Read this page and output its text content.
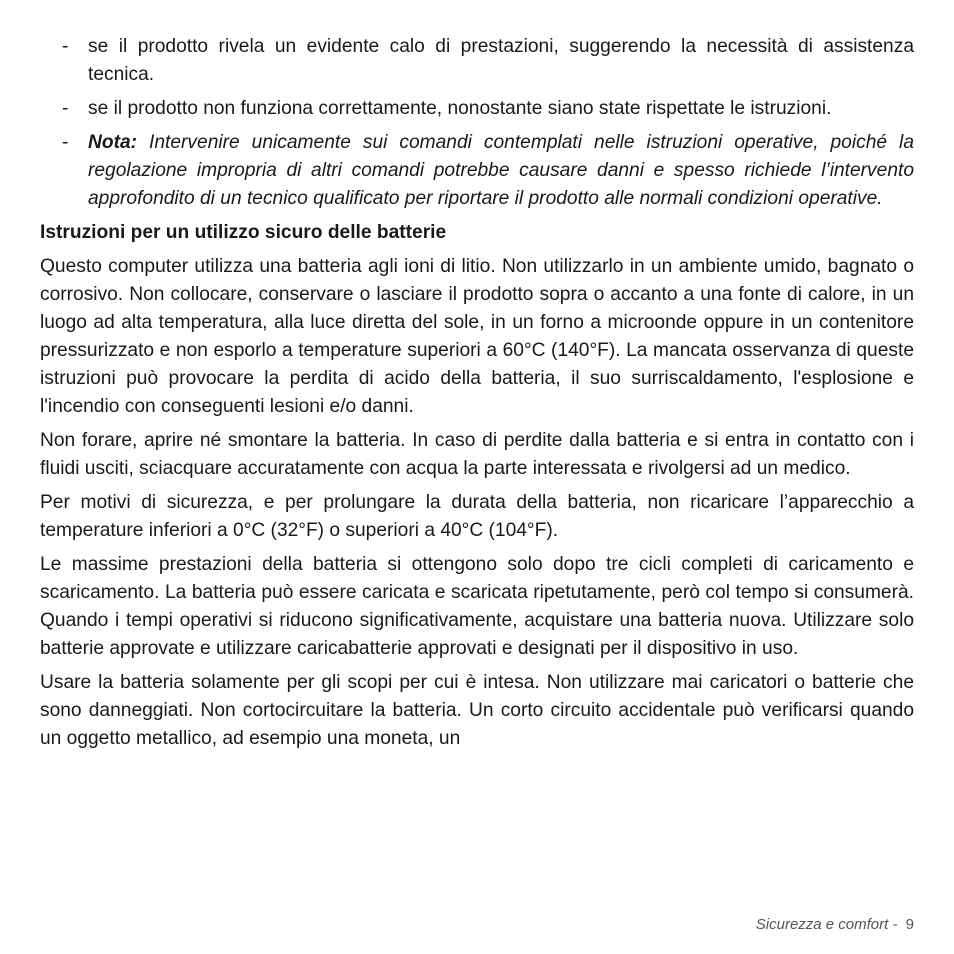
- se il prodotto rivela un evidente calo di prestazioni, suggerendo la necessità di assistenza tecnica.
- se il prodotto non funziona correttamente, nonostante siano state rispettate le istruzioni.
- Nota: Intervenire unicamente sui comandi contemplati nelle istruzioni operative, poiché la regolazione impropria di altri comandi potrebbe causare danni e spesso richiede l’intervento approfondito di un tecnico qualificato per riportare il prodotto alle normali condizioni operative.
Istruzioni per un utilizzo sicuro delle batterie

Questo computer utilizza una batteria agli ioni di litio. Non utilizzarlo in un ambiente umido, bagnato o corrosivo. Non collocare, conservare o lasciare il prodotto sopra o accanto a una fonte di calore, in un luogo ad alta temperatura, alla luce diretta del sole, in un forno a microonde oppure in un contenitore pressurizzato e non esporlo a temperature superiori a 60°C (140°F). La mancata osservanza di queste istruzioni può provocare la perdita di acido della batteria, il suo surriscaldamento, l'esplosione e l'incendio con conseguenti lesioni e/o danni.

Non forare, aprire né smontare la batteria. In caso di perdite dalla batteria e si entra in contatto con i fluidi usciti, sciacquare accuratamente con acqua la parte interessata e rivolgersi ad un medico.

Per motivi di sicurezza, e per prolungare la durata della batteria, non ricaricare l’apparecchio a temperature inferiori a 0°C (32°F) o superiori a 40°C (104°F).

Le massime prestazioni della batteria si ottengono solo dopo tre cicli completi di caricamento e scaricamento. La batteria può essere caricata e scaricata ripetutamente, però col tempo si consumerà. Quando i tempi operativi si riducono significativamente, acquistare una batteria nuova. Utilizzare solo batterie approvate e utilizzare caricabatterie approvati e designati per il dispositivo in uso.

Usare la batteria solamente per gli scopi per cui è intesa. Non utilizzare mai caricatori o batterie che sono danneggiati. Non cortocircuitare la batteria. Un corto circuito accidentale può verificarsi quando un oggetto metallico, ad esempio una moneta, un

Sicurezza e comfort - 9
